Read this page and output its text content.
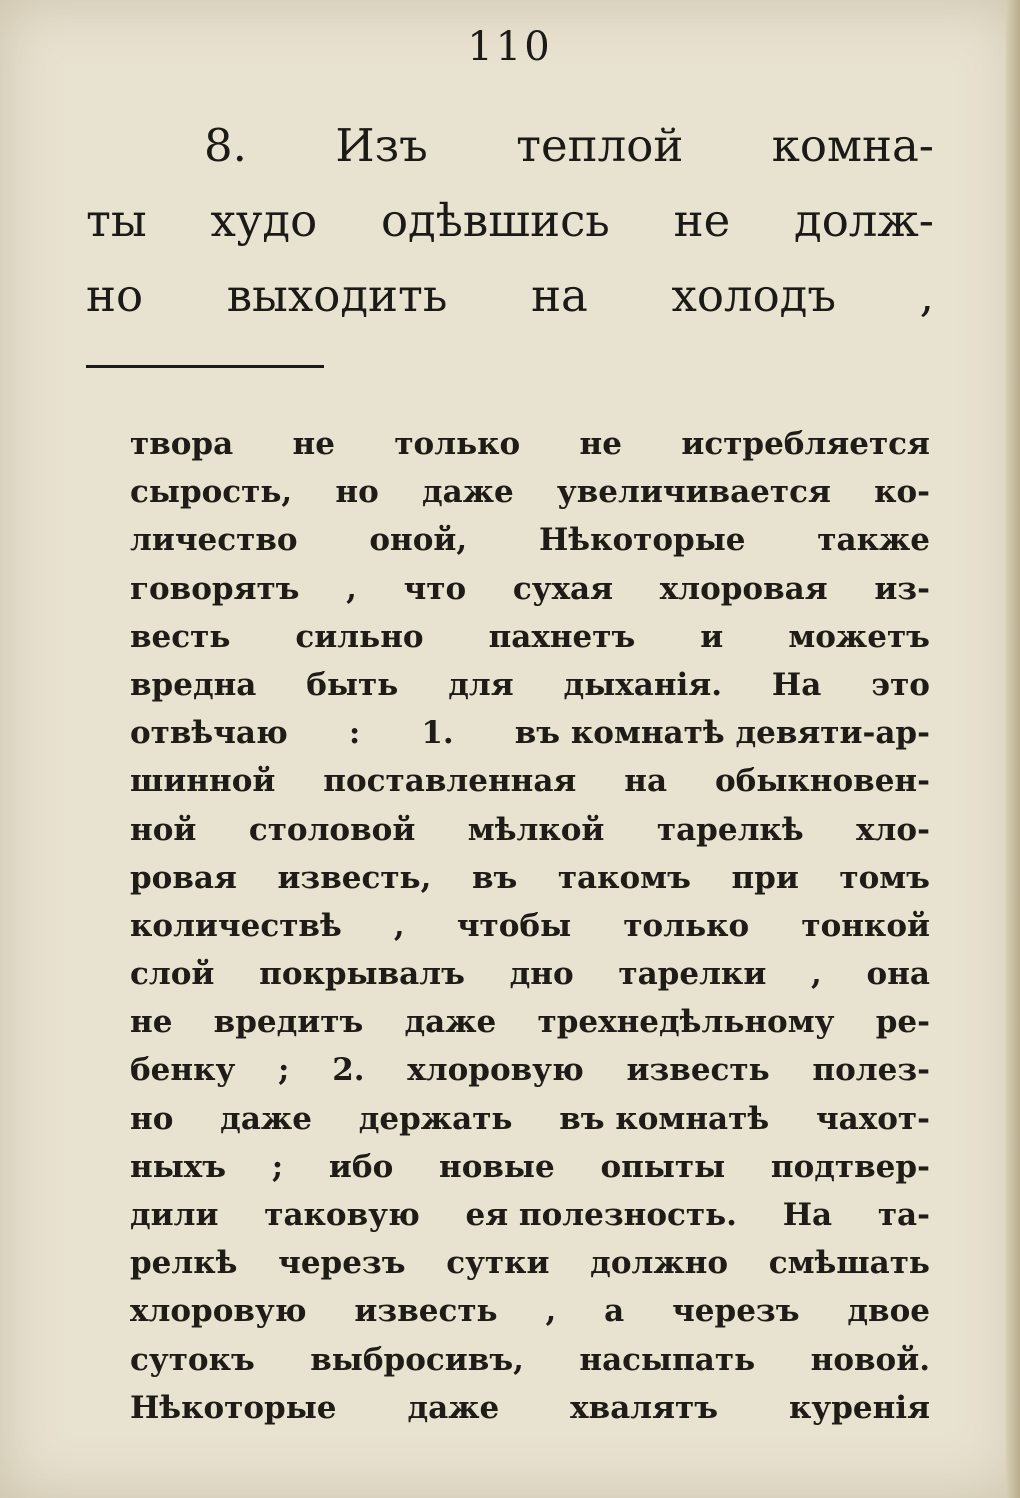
110
8. Изъ теплой комна-
ты худо одѣвшись не долж-
но выходить на холодъ ,
твора не только не истребляется
сырость, но даже увеличивается ко-
личество оной, Нѣкоторые также
говорятъ , что сухая хлоровая из-
весть сильно пахнетъ и можетъ
вредна быть для дыханія. На это
отвѣчаю : 1. въ комнатѣ девяти-ар-
шинной поставленная на обыкновен-
ной столовой мѣлкой тарелкѣ хло-
ровая известь, въ такомъ при томъ
количествѣ , чтобы только тонкой
слой покрывалъ дно тарелки , она
не вредитъ даже трехнедѣльному ре-
бенку ; 2. хлоровую известь полез-
но даже держать въ комнатѣ чахот-
ныхъ ; ибо новые опыты подтвер-
дили таковую ея полезность. На та-
релкѣ черезъ сутки должно смѣшать
хлоровую известь , а черезъ двое
сутокъ выбросивъ, насыпать новой.
Нѣкоторые даже хвалятъ куренія
